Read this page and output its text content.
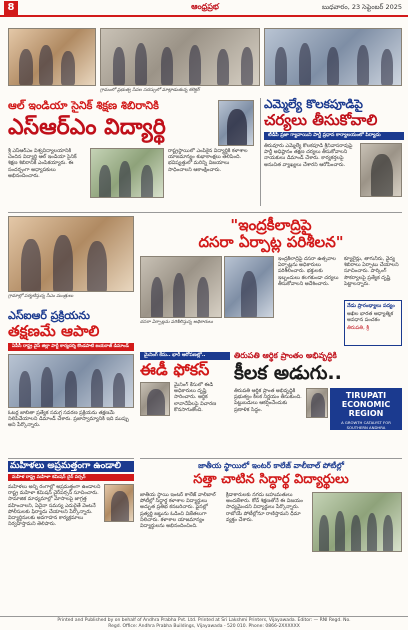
8	ఆంధ్రప్రభ	బుధవారం, 23 సెప్టెంబర్ 2025
గ్రామంలో ప్రభుత్వ సేవల సదస్సులో మాట్లాడుతున్న కలెక్టర్
ఆల్ ఇండియా సైనిక్ శిక్షణ శిబిరానికి
ఎస్ఆర్ఎం విద్యార్థి
శ్రీ ఎస్ఆర్ఎం విశ్వవిద్యాలయానికి చెందిన విద్యార్థి ఆల్ ఇండియా సైనిక్ శిక్షణ శిబిరానికి ఎంపికయ్యారు. ఈ సందర్భంగా అధ్యాపకులు అభినందించారు.
రాష్ట్రస్థాయిలో ఎంపికైన విద్యార్థికి కళాశాల యాజమాన్యం శుభాకాంక్షలు తెలిపింది. భవిష్యత్తులో మరిన్ని విజయాలు సాధించాలని ఆకాంక్షించారు.
ఎమ్మెల్యే కొలకపూడిపై
చర్యలు తీసుకోవాలి
టీడీపీ ప్రజా గ్యావాయిని పార్టీ ప్రధాన కార్యాలయంలో పిర్యాదు
తిరువూరు ఎమ్మెల్యే కొలకపూడి శ్రీనివాసరావుపై పార్టీ అధిష్ఠానం తక్షణ చర్యలు తీసుకోవాలని నాయకులు డిమాండ్ చేశారు. కార్యకర్తలపై అనుచిత వ్యాఖ్యలు చేశారని ఆరోపించారు.
గ్రామాల్లో పర్యటిస్తున్న సీఎం మంత్రులు
"ఇంద్రకీలాద్రిపై
దసరా ఏర్పాట్ల పరిశీలన"
దసరా ఏర్పాట్లను పరిశీలిస్తున్న అధికారులు
ఇంద్రకీలాద్రిపై దసరా ఉత్సవాల ఏర్పాట్లను అధికారులు పరిశీలించారు. భక్తులకు ఇబ్బందులు కలగకుండా చర్యలు తీసుకోవాలని ఆదేశించారు.
క్యూలైన్లు, తాగునీరు, వైద్య శిబిరాలు ఏర్పాటు చేయాలని సూచించారు. పార్కింగ్ సౌకర్యాలపై ప్రత్యేక దృష్టి పెట్టాలన్నారు.
ఎస్ఐఆర్ ప్రక్రియను
తక్షణమే ఆపాలి
ఏపీసీ రాష్ట్ర వైస్ జిల్లా పార్టీ కార్యదర్శి కొండపాటి జయరాజ్ డిమాండ్
ఓటర్ల జాబితా ప్రత్యేక సమగ్ర సవరణ ప్రక్రియను తక్షణమే నిలిపివేయాలని డిమాండ్ చేశారు. ప్రజాస్వామ్యానికి ఇది ముప్పు అని పేర్కొన్నారు.
మైనింగ్ కేసు.. భారీ ఆరోపణల్లో..
ఈడీ ఫోకస్
మైనింగ్ కేసులో ఈడీ అధికారులు దృష్టి సారించారు. ఆర్థిక లావాదేవీలపై విచారణ కొనసాగుతోంది.
తిరుపతి ఆర్థిక ప్రాంతం అభివృద్ధికి
కీలక అడుగు..
తిరుపతి ఆర్థిక ప్రాంత అభివృద్ధికి ప్రభుత్వం కీలక నిర్ణయం తీసుకుంది. పెట్టుబడులు ఆకర్షించేందుకు ప్రణాళిక సిద్ధం.
TIRUPATI ECONOMIC REGION
A GROWTH CATALYST FOR SOUTHERN ANDHRA
నేడు ప్రారంభ్యాలు పద్యం
అఖిల భారత ఆధ్యాత్మిక అవధాన పంచకం
తిరుపతి, శ్రీ
మహిళలు అప్రమత్తంగా ఉండాలి
మహిళ రాష్ట్ర మహిళా కమిషన్ చైర్ పర్సన్
మహిళలు అన్ని రంగాల్లో అప్రమత్తంగా ఉండాలని రాష్ట్ర మహిళా కమిషన్ చైర్‌పర్సన్ సూచించారు. సామాజిక మాధ్యమాల్లో మోసాలపై జాగ్రత్త వహించాలని, ఏదైనా సమస్య ఎదురైతే వెంటనే పోలీసులకు ఫిర్యాదు చేయాలని పేర్కొన్నారు. విద్యార్థినులకు అవగాహన కార్యక్రమాలు నిర్వహిస్తామని తెలిపారు.
జాతీయ స్థాయిలో ఇంటర్ కాలేజ్ వాలీబాల్ పోటీల్లో
సత్తా చాటిన సిద్ధార్థ విద్యార్థులు
జాతీయ స్థాయి ఇంటర్ కాలేజ్ వాలీబాల్ పోటీల్లో సిద్ధార్థ కళాశాల విద్యార్థులు అద్భుత ప్రతిభ కనబరిచారు. ఫైనల్లో ప్రత్యర్థి జట్టును ఓడించి విజేతలుగా నిలిచారు. కళాశాల యాజమాన్యం విద్యార్థులను అభినందించింది.
క్రీడాకారులకు నగదు బహుమతులు అందజేశారు. కోచ్ శిక్షణతోనే ఈ విజయం సాధ్యమైందని విద్యార్థులు పేర్కొన్నారు. రాబోయే పోటీల్లోనూ రాణిస్తామని ధీమా వ్యక్తం చేశారు.
Printed and Published by on behalf of Andhra Prabha Pvt. Ltd. Printed at Sri Lakshmi Printers, Vijayawada. Editor: — RNI Regd. No.
Regd. Office: Andhra Prabha Buildings, Vijayawada - 520 010. Phone: 0866-2XXXXXX
